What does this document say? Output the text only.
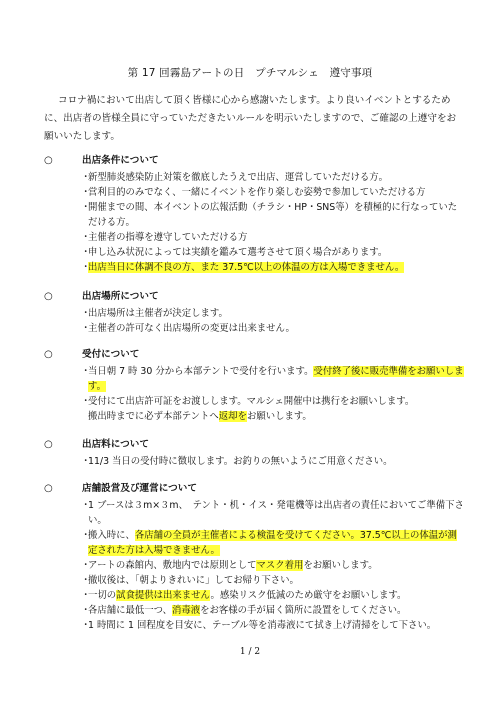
第 17 回霧島アートの日　プチマルシェ　遵守事項

コロナ禍において出店して頂く皆様に心から感謝いたします。より良いイベントとするために、出店者の皆様全員に守っていただきたいルールを明示いたしますので、ご確認の上遵守をお願いいたします。

○	出店条件について
・
新型肺炎感染防止対策を徹底したうえで出店、運営していただける方。
・
営利目的のみでなく、一緒にイベントを作り楽しむ姿勢で参加していただける方
・
開催までの間、本イベントの広報活動（チラシ・HP・SNS等）を積極的に行なっていただける方。
・
主催者の指導を遵守していただける方
・
申し込み状況によっては実績を鑑みて選考させて頂く場合があります。
・
出店当日に体調不良の方、また 37.5℃以上の体温の方は入場できません。
○	出店場所について
・
出店場所は主催者が決定します。
・
主催者の許可なく出店場所の変更は出来ません。
○	受付について
・
当日朝 7 時 30 分から本部テントで受付を行います。受付終了後に販売準備をお願いします。
・
受付にて出店許可証をお渡しします。マルシェ開催中は携行をお願いします。
搬出時までに必ず本部テントへ返却をお願いします。
○	出店料について
・
11/3 当日の受付時に徴収します。お釣りの無いようにご用意ください。
○	店舗設営及び運営について
・
1 ブースは３m×３m、　テント・机・イス・発電機等は出店者の責任においてご準備下さい。
・
搬入時に、各店舗の全員が主催者による検温を受けてください。37.5℃以上の体温が測定された方は入場できません。
・
アートの森館内、敷地内では原則としてマスク着用をお願いします。
・
撤収後は、「朝よりきれいに」してお帰り下さい。
・
一切の試食提供は出来ません。感染リスク低減のため厳守をお願いします。
・
各店舗に最低一つ、消毒液をお客様の手が届く箇所に設置をしてください。
・
1 時間に 1 回程度を目安に、テーブル等を消毒液にて拭き上げ清掃をして下さい。
1 / 2
